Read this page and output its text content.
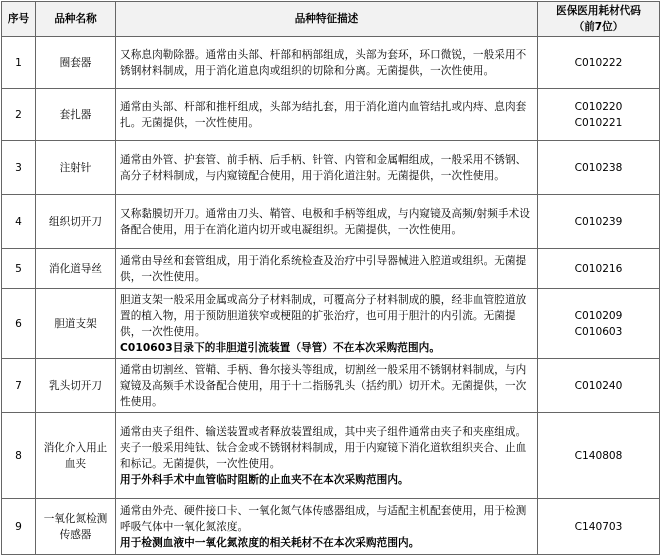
序号	品种名称	品种特征描述	医保医用耗材代码
（前7位）

1	圈套器	又称息肉勒除器。通常由头部、杆部和柄部组成，头部为套环，环口微锐，一般采用不锈钢材料制成，用于消化道息肉或组织的切除和分离。无菌提供，一次性使用。	C010222

2	套扎器	通常由头部、杆部和推杆组成，头部为结扎套，用于消化道内血管结扎或内痔、息肉套扎。无菌提供，一次性使用。	C010220
C010221

3	注射针	通常由外管、护套管、前手柄、后手柄、针管、内管和金属帽组成，一般采用不锈钢、高分子材料制成，与内窥镜配合使用，用于消化道注射。无菌提供，一次性使用。	C010238

4	组织切开刀	又称黏膜切开刀。通常由刀头、鞘管、电极和手柄等组成，与内窥镜及高频/射频手术设备配合使用，用于在消化道内切开或电凝组织。无菌提供，一次性使用。	C010239

5	消化道导丝	通常由导丝和套管组成，用于消化系统检查及治疗中引导器械进入腔道或组织。无菌提供，一次性使用。	C010216

6	胆道支架	胆道支架一般采用金属或高分子材料制成，可覆高分子材料制成的膜，经非血管腔道放置的植入物，用于预防胆道狭窄或梗阻的扩张治疗，也可用于胆汁的内引流。无菌提供，一次性使用。
C010603目录下的非胆道引流装置（导管）不在本次采购范围内。	C010209
C010603

7	乳头切开刀	通常由切割丝、管鞘、手柄、鲁尔接头等组成，切割丝一般采用不锈钢材料制成，与内窥镜及高频手术设备配合使用，用于十二指肠乳头（括约肌）切开术。无菌提供，一次性使用。	C010240

8	消化介入用止血夹	通常由夹子组件、输送装置或者释放装置组成，其中夹子组件通常由夹子和夹座组成。夹子一般采用纯钛、钛合金或不锈钢材料制成，用于内窥镜下消化道软组织夹合、止血和标记。无菌提供，一次性使用。
用于外科手术中血管临时阻断的止血夹不在本次采购范围内。	C140808

9	一氧化氮检测传感器	通常由外壳、硬件接口卡、一氧化氮气体传感器组成，与适配主机配套使用，用于检测呼吸气体中一氧化氮浓度。
用于检测血液中一氧化氮浓度的相关耗材不在本次采购范围内。	C140703
